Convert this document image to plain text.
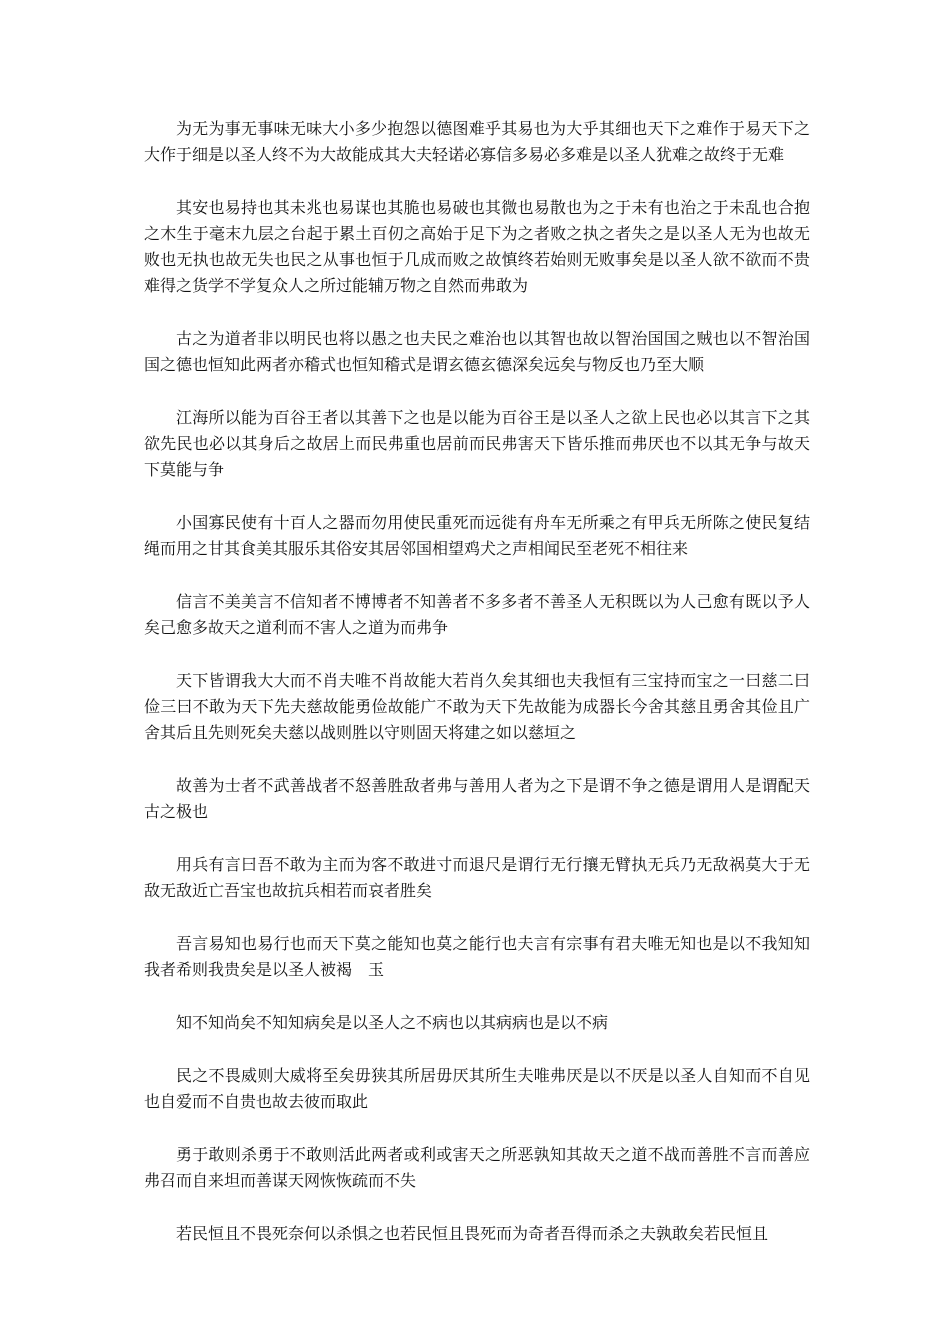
为无为事无事味无味大小多少抱怨以德图难乎其易也为大乎其细也天下之难作于易天下之大作于细是以圣人终不为大故能成其大夫轻诺必寡信多易必多难是以圣人犹难之故终于无难

其安也易持也其未兆也易谋也其脆也易破也其微也易散也为之于未有也治之于未乱也合抱之木生于毫末九层之台起于累土百仞之高始于足下为之者败之执之者失之是以圣人无为也故无败也无执也故无失也民之从事也恒于几成而败之故慎终若始则无败事矣是以圣人欲不欲而不贵难得之货学不学复众人之所过能辅万物之自然而弗敢为

古之为道者非以明民也将以愚之也夫民之难治也以其智也故以智治国国之贼也以不智治国国之德也恒知此两者亦稽式也恒知稽式是谓玄德玄德深矣远矣与物反也乃至大顺

江海所以能为百谷王者以其善下之也是以能为百谷王是以圣人之欲上民也必以其言下之其欲先民也必以其身后之故居上而民弗重也居前而民弗害天下皆乐推而弗厌也不以其无争与故天下莫能与争

小国寡民使有十百人之器而勿用使民重死而远徙有舟车无所乘之有甲兵无所陈之使民复结绳而用之甘其食美其服乐其俗安其居邻国相望鸡犬之声相闻民至老死不相往来

信言不美美言不信知者不博博者不知善者不多多者不善圣人无积既以为人己愈有既以予人矣己愈多故天之道利而不害人之道为而弗争

天下皆谓我大大而不肖夫唯不肖故能大若肖久矣其细也夫我恒有三宝持而宝之一曰慈二曰俭三曰不敢为天下先夫慈故能勇俭故能广不敢为天下先故能为成器长今舍其慈且勇舍其俭且广舍其后且先则死矣夫慈以战则胜以守则固天将建之如以慈垣之

故善为士者不武善战者不怒善胜敌者弗与善用人者为之下是谓不争之德是谓用人是谓配天古之极也

用兵有言曰吾不敢为主而为客不敢进寸而退尺是谓行无行攘无臂执无兵乃无敌祸莫大于无敌无敌近亡吾宝也故抗兵相若而哀者胜矣

吾言易知也易行也而天下莫之能知也莫之能行也夫言有宗事有君夫唯无知也是以不我知知我者希则我贵矣是以圣人被褐　玉

知不知尚矣不知知病矣是以圣人之不病也以其病病也是以不病

民之不畏威则大威将至矣毋狭其所居毋厌其所生夫唯弗厌是以不厌是以圣人自知而不自见也自爱而不自贵也故去彼而取此

勇于敢则杀勇于不敢则活此两者或利或害天之所恶孰知其故天之道不战而善胜不言而善应弗召而自来坦而善谋天网恢恢疏而不失

若民恒且不畏死奈何以杀惧之也若民恒且畏死而为奇者吾得而杀之夫孰敢矣若民恒且
